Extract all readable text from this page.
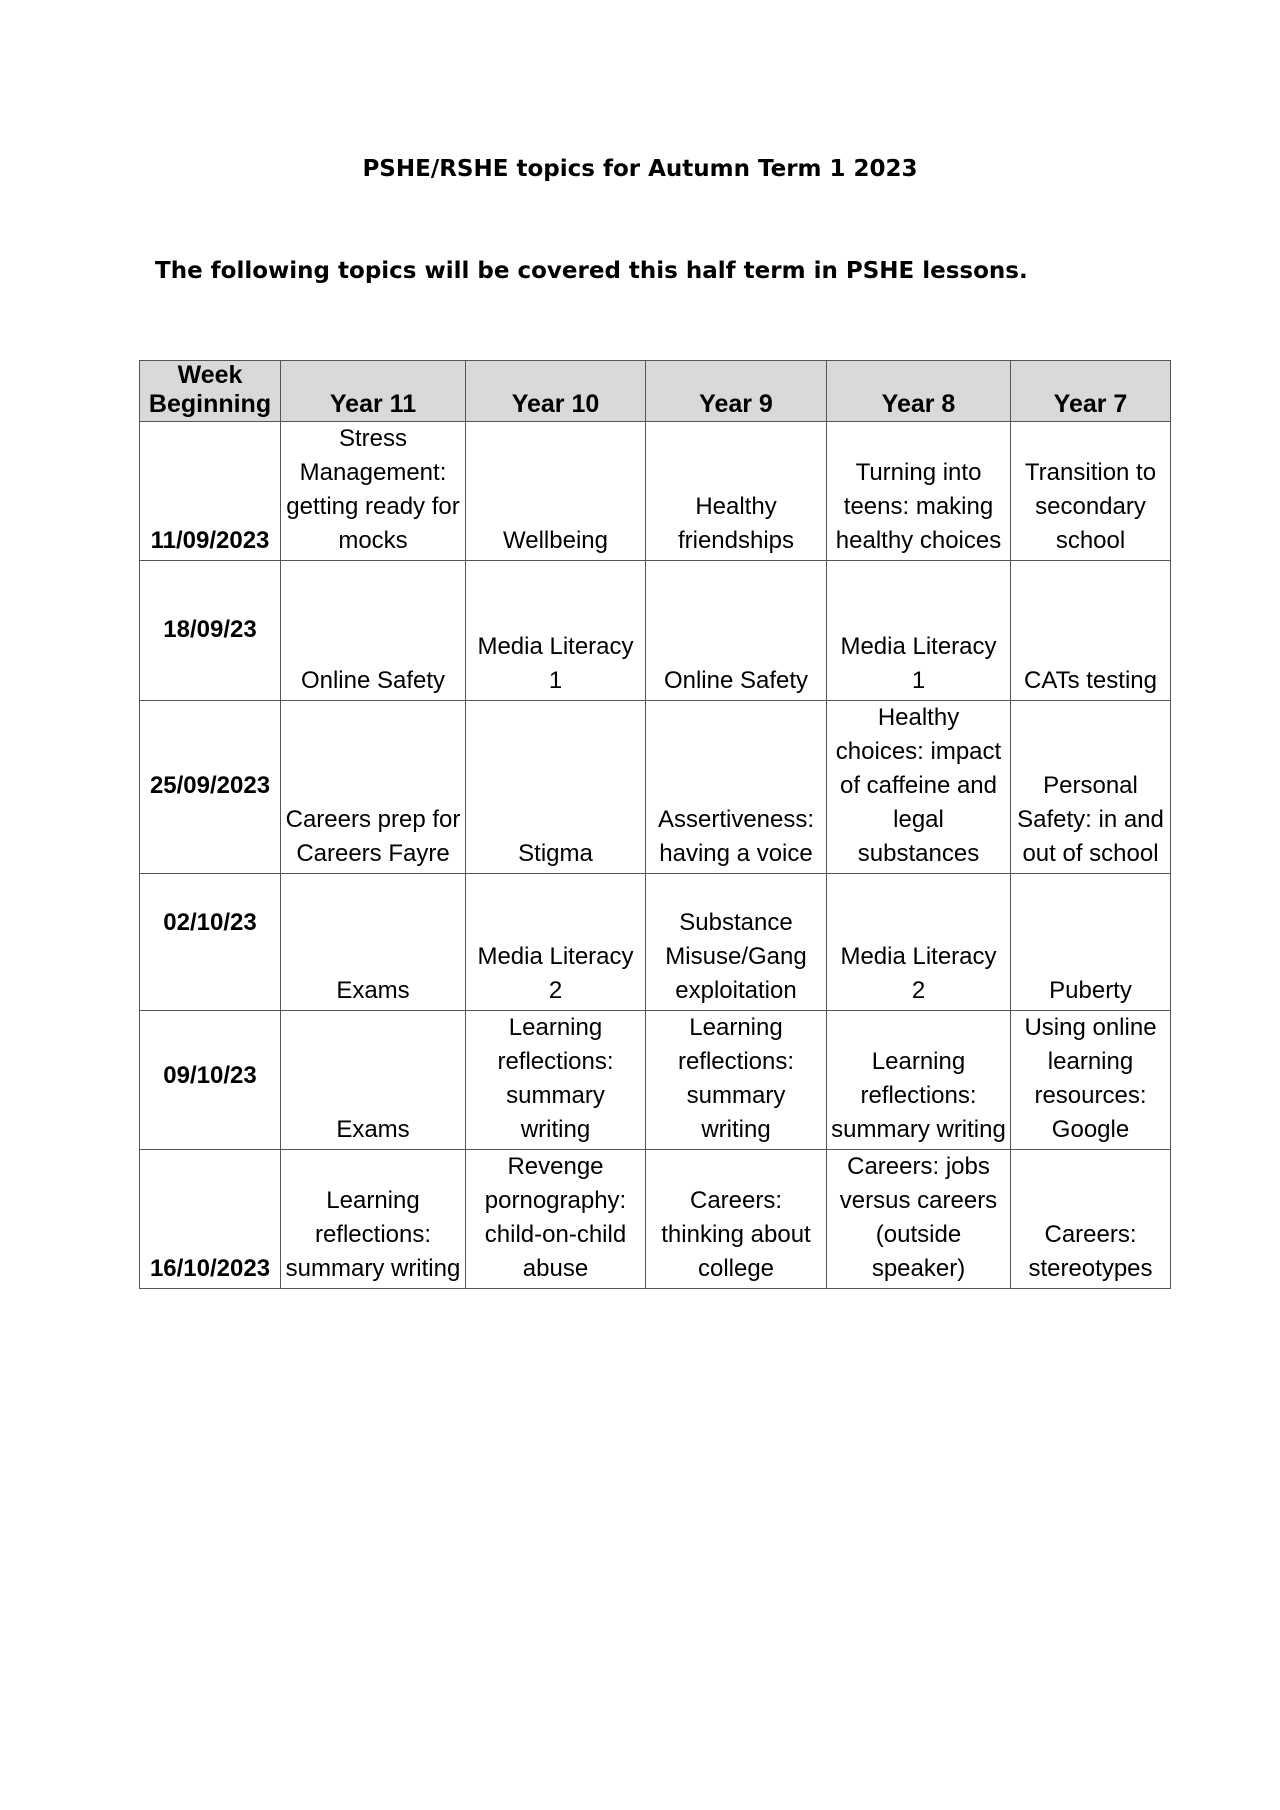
PSHE/RSHE topics for Autumn Term 1 2023

The following topics will be covered this half term in PSHE lessons.

Week
Beginning	Year 11	Year 10	Year 9	Year 8	Year 7
11/09/2023	Stress Management: getting ready for mocks	Wellbeing	Healthy friendships	Turning into teens: making healthy choices	Transition to secondary school
18/09/23	Online Safety	Media Literacy 1	Online Safety	Media Literacy 1	CATs testing
25/09/2023	Careers prep for Careers Fayre	Stigma	Assertiveness: having a voice	Healthy choices: impact of caffeine and legal substances	Personal Safety: in and out of school
02/10/23	Exams	Media Literacy 2	Substance Misuse/Gang exploitation	Media Literacy 2	Puberty
09/10/23	Exams	Learning reflections: summary writing	Learning reflections: summary writing	Learning reflections: summary writing	Using online learning resources: Google
16/10/2023	Learning reflections: summary writing	Revenge pornography: child-on-child abuse	Careers: thinking about college	Careers: jobs versus careers (outside speaker)	Careers: stereotypes
